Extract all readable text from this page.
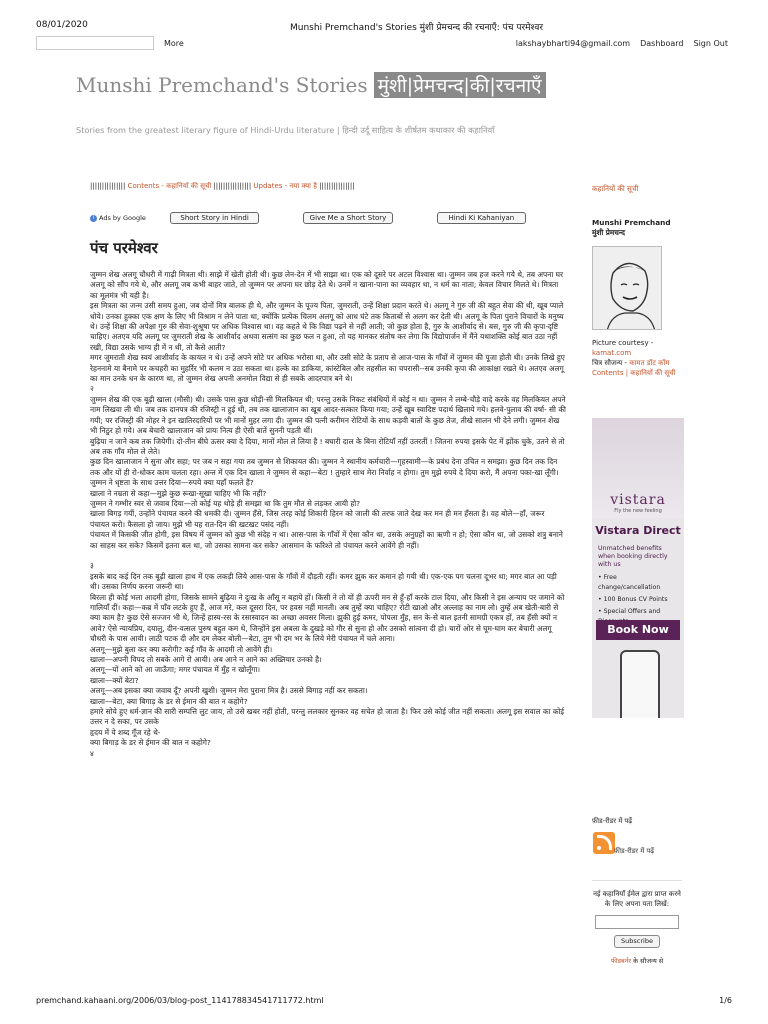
08/01/2020	Munshi Premchand's Stories मुंशी प्रेमचन्द की रचनाएँ: पंच परमेश्वर
More	lakshaybharti94@gmail.com Dashboard Sign Out
Munshi Premchand's Stories मुंशी|प्रेमचन्द|की|रचनाएँ
Stories from the greatest literary figure of Hindi-Urdu literature | हिन्दी उर्दू साहित्य के शीर्षतम कथाकार की कहानियाँ
||||||||||||||| Contents - कहानियों की सूची |||||||||||||||| Updates - नया क्या है |||||||||||||||
i Ads by Google	Short Story in Hindi	Give Me a Short Story	Hindi Ki Kahaniyan
पंच परमेश्वर

जुम्मन शेख अलगू चौधरी में गाढ़ी मित्रता थी। साझे में खेती होती थी। कुछ लेन-देन में भी साझा था। एक को दूसरे पर अटल विश्वास था। जुम्मन जब हज करने गये थे, तब अपना घर अलगू को सौंप गये थे, और अलगू जब कभी बाहर जाते, तो जुम्मन पर अपना घर छोड़ देते थे। उनमें न खाना-पाना का व्यवहार था, न धर्म का नाता; केवल विचार मिलते थे। मित्रता का मूलमंत्र भी यही है।

इस मित्रता का जन्म उसी समय हुआ, जब दोनों मित्र बालक ही थे, और जुम्मन के पूज्य पिता, जुमराती, उन्हें शिक्षा प्रदान करते थे। अलगू ने गुरु जी की बहुत सेवा की थी, खूब प्याले धोये। उनका हुक्का एक क्षण के लिए भी विश्राम न लेने पाता था, क्योंकि प्रत्येक चिलम अलगू को आध घंटे तक किताबों से अलग कर देती थी। अलगू के पिता पुराने विचारों के मनुष्य थे। उन्हें शिक्षा की अपेक्षा गुरु की सेवा-शुश्रूषा पर अधिक विश्वास था। वह कहते थे कि विद्या पढ़ने से नहीं आती; जो कुछ होता है, गुरु के आशीर्वाद से। बस, गुरु जी की कृपा-दृष्टि चाहिए। अतएव यदि अलगू पर जुमराती शेख के आशीर्वाद अथवा सत्संग का कुछ फल न हुआ, तो यह मानकर संतोष कर लेगा कि विद्योपार्जन में मैंने यथाशक्ति कोई बात उठा नहीं रखी, विद्या उसके भाग्य ही में न थी, तो कैसे आती?

मगर जुमराती शेख स्वयं आशीर्वाद के कायल न थे। उन्हें अपने सोटे पर अधिक भरोसा था, और उसी सोटे के प्रताप से आज-पास के गाँवों में जुम्मन की पूजा होती थी। उनके लिखे हुए रेहननामे या बैनामे पर कचहरी का मुहर्रिर भी कलम न उठा सकता था। हल्के का डाकिया, कांस्टेबिल और तहसील का चपरासी--सब उनकी कृपा की आकांक्षा रखते थे। अतएव अलगू का मान उनके धन के कारण था, तो जुम्मन शेख अपनी अनमोल विद्या से ही सबके आदरपात्र बने थे।

२

जुम्मन शेख की एक बूढ़ी खाला (मौसी) थी। उसके पास कुछ थोड़ी-सी मिलकियत थी; परन्तु उसके निकट संबंधियों में कोई न था। जुम्मन ने लम्बे-चौड़े वादे करके वह मिलकियत अपने नाम लिखवा ली थी। जब तक दानपत्र की रजिस्ट्री न हुई थी, तब तक खालाजान का खूब आदर-सत्कार किया गया; उन्हें खूब स्वादिष्ट पदार्थ खिलाये गये। हलवे-पुलाव की वर्षा- सी की गयी; पर रजिस्ट्री की मोहर ने इन खातिरदारियों पर भी मानों मुहर लगा दी। जुम्मन की पत्नी करीमन रोटियों के साथ कड़वी बातों के कुछ तेज, तीखे सालन भी देने लगी। जुम्मन शेख भी निठुर हो गये। अब बेचारी खालाजान को प्रायः नित्य ही ऐसी बातें सुननी पड़ती थीं।

बुढ़िया न जाने कब तक जियेगी। दो-तीन बीघे ऊसर क्या दे दिया, मानों मोल ले लिया है ! बघारी दाल के बिना रोटियाँ नहीं उतरतीं ! जितना रुपया इसके पेट में झोंक चुके, उतने से तो अब तक गाँव मोल ले लेते।

कुछ दिन खालाजान ने सुना और सहा; पर जब न सहा गया तब जुम्मन से शिकायत की। जुम्मन ने स्थानीय कर्मचारी—गृहस्वामी—के प्रबंध देना उचित न समझा। कुछ दिन तक दिन तक और यों ही रो-धोकर काम चलता रहा। अन्त में एक दिन खाला ने जुम्मन से कहा—बेटा ! तुम्हारे साथ मेरा निर्वाह न होगा। तुम मुझे रुपये दे दिया करो, मैं अपना पका-खा लूँगी।

जुम्मन ने धृष्टता के साथ उत्तर दिया—रुपये क्या यहाँ फलते हैं?

खाला ने नम्रता से कहा—मुझे कुछ रूखा-सूखा चाहिए भी कि नहीं?

जुम्मन ने गम्भीर स्वर से जवाब दिया—तो कोई यह थोड़े ही समझा था कि तुम मौत से लड़कर आयी हो?

खाला बिगड़ गयीं, उन्होंने पंचायत करने की धमकी दी। जुम्मन हँसे, जिस तरह कोई शिकारी हिरन को जाली की तरफ जाते देख कर मन ही मन हँसता है। वह बोले—हाँ, जरूर पंचायत करो। फैसला हो जाय। मुझे भी यह रात-दिन की खटखट पसंद नहीं।

पंचायत में किसकी जीत होगी, इस विषय में जुम्मन को कुछ भी संदेह न था। आस-पास के गाँवों में ऐसा कौन था, उसके अनुग्रहों का ऋणी न हो; ऐसा कौन था, जो उसको शत्रु बनाने का साहस कर सके? किसमें इतना बल था, जो उसका सामना कर सके? आसमान के फरिश्ते तो पंचायत करने आवेंगे ही नहीं।

३

इसके बाद कई दिन तक बूढ़ी खाला हाथ में एक लकड़ी लिये आस-पास के गाँवों में दौड़ती रहीं। कमर झुक कर कमान हो गयी थी। एक-एक पग चलना दूभर था; मगर बात आ पड़ी थी। उसका निर्णय करना जरूरी था।

बिरला ही कोई भला आदमी होगा, जिसके सामने बुढ़िया ने दुःख के आँसू न बहाये हों। किसी ने तो यों ही ऊपरी मन से हूँ-हाँ करके टाल दिया, और किसी ने इस अन्याय पर जमाने को गालियाँ दीं। कहा—कब्र में पाँव लटके हुए हैं, आज मरे, कल दूसरा दिन, पर हवस नहीं मानती। अब तुम्हें क्या चाहिए? रोटी खाओ और अल्लाह का नाम लो। तुम्हें अब खेती-बारी से क्या काम है? कुछ ऐसे सज्जन भी थे, जिन्हें हास्य-रस के रसास्वादन का अच्छा अवसर मिला। झुकी हुई कमर, पोपला मुँह, सन के-से बाल इतनी सामग्री एकत्र हों, तब हँसी क्यों न आवे? ऐसे न्यायप्रिय, दयालु, दीन-वत्सल पुरुष बहुत कम थे, जिन्होंने इस अबला के दुखड़े को गौर से सुना हो और उसको सांत्वना दी हो। चारों ओर से घूम-घाम कर बेचारी अलगू चौधरी के पास आयी। लाठी पटक दी और दम लेकर बोली—बेटा, तुम भी दम भर के लिये मेरी पंचायत में चले आना।

अलगू—मुझे बुला कर क्या करोगी? कई गाँव के आदमी तो आवेंगे ही।

खाला—अपनी विपद तो सबके आगे रो आयी। अब आने न आने का अख्तियार उनको है।

अलगू—यों आने को आ जाऊँगा; मगर पंचायत में मुँह न खोलूँगा।

खाला—क्यों बेटा?

अलगू—अब इसका क्या जवाब दूँ? अपनी खुशी। जुम्मन मेरा पुराना मित्र है। उससे बिगाड़ नहीं कर सकता।

खाला—बेटा, क्या बिगाड़ के डर से ईमान की बात न कहोगे?

हमारे सोये हुए धर्म-ज्ञान की सारी सम्पत्ति लुट जाय, तो उसे खबर नहीं होती, परन्तु ललकार सुनकर वह सचेत हो जाता है। फिर उसे कोई जीत नहीं सकता। अलगू इस सवाल का कोई उत्तर न दे सका, पर उसके

हृदय में ये शब्द गूँज रहे थे-

क्या बिगाड़ के डर से ईमान की बात न कहोगे?

४

कहानियों की सूची
Munshi Premchand
मुंशी प्रेमचन्द
Picture courtesy -
kamat.com
चित्र सौजन्य - कामत डॉट कॉम
Contents | कहानियों की सूची
vistara
Fly the new feeling
Vistara Direct
Unmatched benefits when booking directly with us
• Free change/cancellation
• 100 Bonus CV Points
• Special Offers and
Book Now
फ़ीड-रीडर में पढ़ें
फ़ीड-रीडर में पढ़ें
नई कहानियाँ ईमेल द्वारा प्राप्त करने के लिए अपना पता लिखें:
Subscribe
फीडबर्नर के सौजन्य से
premchand.kahaani.org/2006/03/blog-post_114178834541711772.html	1/6
